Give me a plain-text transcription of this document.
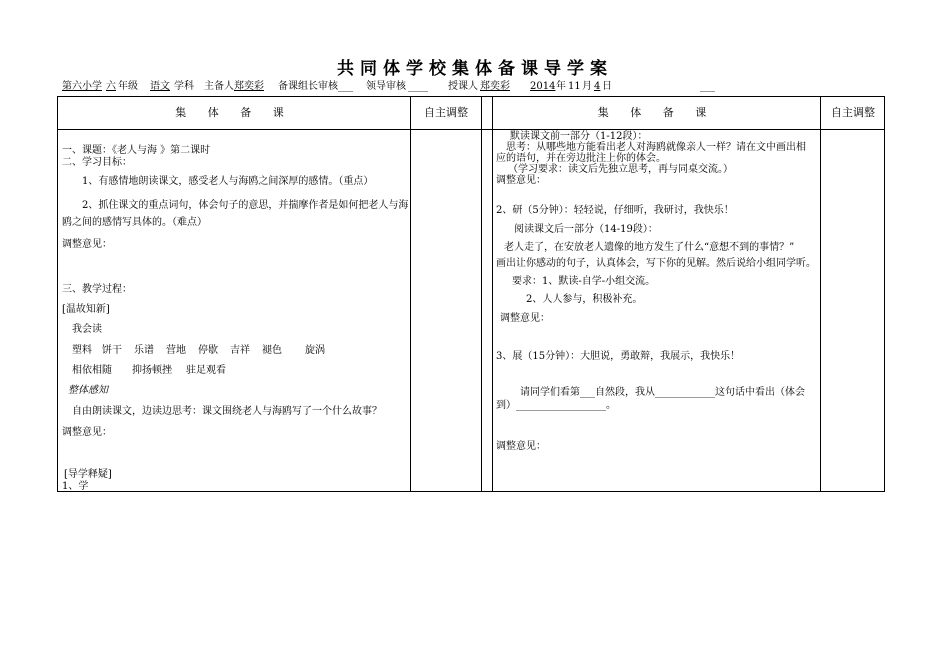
共同体学校集体备课导学案
第六小学 六 年级 语文 学科 主备人 郑奕彩 备课组长审核 ___ 领导审核 ____ 授课人 郑奕彩 2014 年 11 月 4 日	___
集 体 备 课	自主调整	集 体 备 课	自主调整
一、课题：《老人与海 》第二课时
二、学习目标：
1、有感情地朗读课文，感受老人与海鸥之间深厚的感情。（重点）
2、抓住课文的重点词句，体会句子的意思，并揣摩作者是如何把老人与海
鸥之间的感情写具体的。（难点）
调整意见：
三、教学过程：
[温故知新]
我会读
塑料 饼干 乐谱 营地 停歇 吉祥 褪色 旋涡
相依相随 抑扬顿挫 驻足观看
整体感知
自由朗读课文，边读边思考：课文围绕老人与海鸥写了一个什么故事？
调整意见：
[导学释疑]
1、学
默读课文前一部分（1-12段）：
思考：从哪些地方能看出老人对海鸥就像亲人一样？请在文中画出相
应的语句，并在旁边批注上你的体会。
（学习要求：读文后先独立思考，再与同桌交流。）
调整意见：
2、研（5分钟）：轻轻说，仔细听，我研讨，我快乐！
阅读课文后一部分（14-19段）：
老人走了，在安放老人遗像的地方发生了什么“意想不到的事情？”
画出让你感动的句子，认真体会，写下你的见解。然后说给小组同学听。
要求：1、默读-自学-小组交流。
2、人人参与，积极补充。
调整意见：
3、展（15分钟）：大胆说，勇敢辩，我展示，我快乐！
请同学们看第___自然段，我从____________这句话中看出（体会
到）__________________。
调整意见：
